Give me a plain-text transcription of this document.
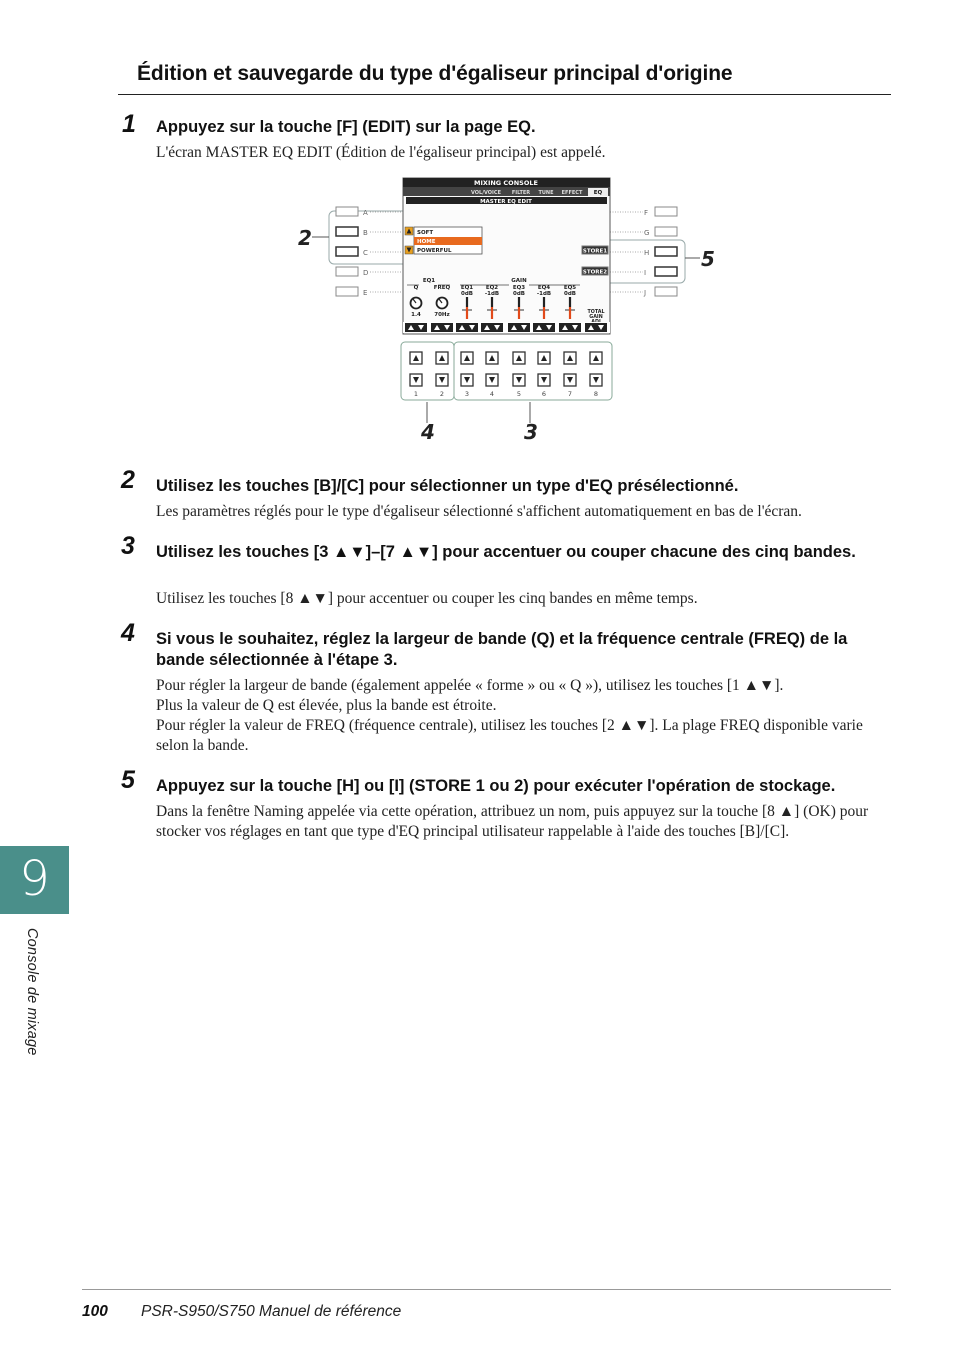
Édition et sauvegarde du type d'égaliseur principal d'origine
1 Appuyez sur la touche [F] (EDIT) sur la page EQ.
L'écran MASTER EQ EDIT (Édition de l'égaliseur principal) est appelé.
A
B
C
D
E
F
G
H
I
J
MIXING CONSOLE
VOL/VOICE FILTER TUNE EFFECT EQ
MASTER EQ EDIT
SOFT
HOME
POWERFUL	STORE1
STORE2
EQ1
Q	FREQ
1.4 70Hz
GAIN
EQ1
0dB
EQ2
-1dB
EQ3
0dB
EQ4
-1dB
EQ5
0dB
TOTAL
GAIN
1	2	3	4	5	6	7	8
2
5
4	3
2 Utilisez les touches [B]/[C] pour sélectionner un type d'EQ présélectionné.
Les paramètres réglés pour le type d'égaliseur sélectionné s'affichent automatiquement en bas de l'écran.
3 Utilisez les touches [3 ▲▼]–[7 ▲▼] pour accentuer ou couper chacune des cinq bandes.
Utilisez les touches [8 ▲▼] pour accentuer ou couper les cinq bandes en même temps.
4 Si vous le souhaitez, réglez la largeur de bande (Q) et la fréquence centrale (FREQ) de la bande sélectionnée à l'étape 3.
Pour régler la largeur de bande (également appelée « forme » ou « Q »), utilisez les touches [1 ▲▼].
Plus la valeur de Q est élevée, plus la bande est étroite.
Pour régler la valeur de FREQ (fréquence centrale), utilisez les touches [2 ▲▼]. La plage FREQ disponible varie selon la bande.
5 Appuyez sur la touche [H] ou [I] (STORE 1 ou 2) pour exécuter l'opération de stockage.
Dans la fenêtre Naming appelée via cette opération, attribuez un nom, puis appuyez sur la touche [8 ▲] (OK) pour stocker vos réglages en tant que type d'EQ principal utilisateur rappelable à l'aide des touches [B]/[C].
9
Console de mixage
100 PSR-S950/S750 Manuel de référence
